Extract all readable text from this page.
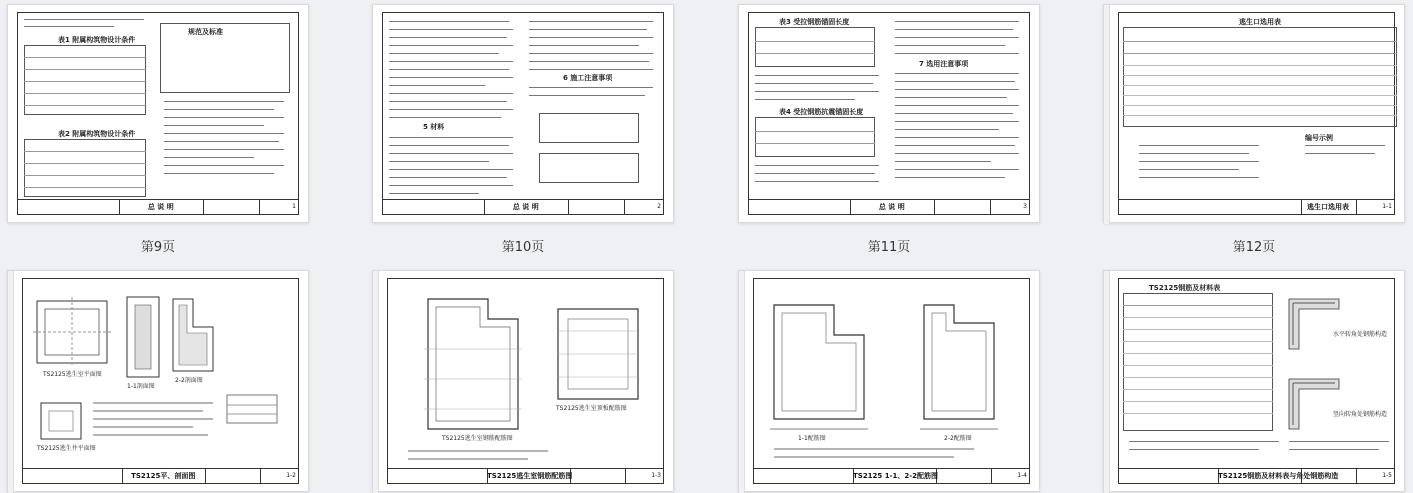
表1 附属构筑物设计条件
表2 附属构筑物设计条件
规范及标准
总 说 明	1
5 材料
6 施工注意事项
总 说 明	2
表3 受拉钢筋锚固长度
表4 受拉钢筋抗震锚固长度
7 选用注意事项
总 说 明	3
逃生口选用表
编号示例
逃生口选用表	1-1
第9页	第10页	第11页	第12页
TS2125逃生室平面图
1-1剖面图
2-2剖面图
TS2125逃生井平面图
TS2125平、剖面图	1-2
TS2125逃生室钢筋配筋图
TS2125逃生室顶板配筋图
TS2125逃生室钢筋配筋图	1-3
1-1配筋图	2-2配筋图
TS2125 1-1、2-2配筋图	1-4
TS2125钢筋及材料表
水平转角处钢筋构造
竖向转角处钢筋构造
TS2125钢筋及材料表与角处钢筋构造	1-5
